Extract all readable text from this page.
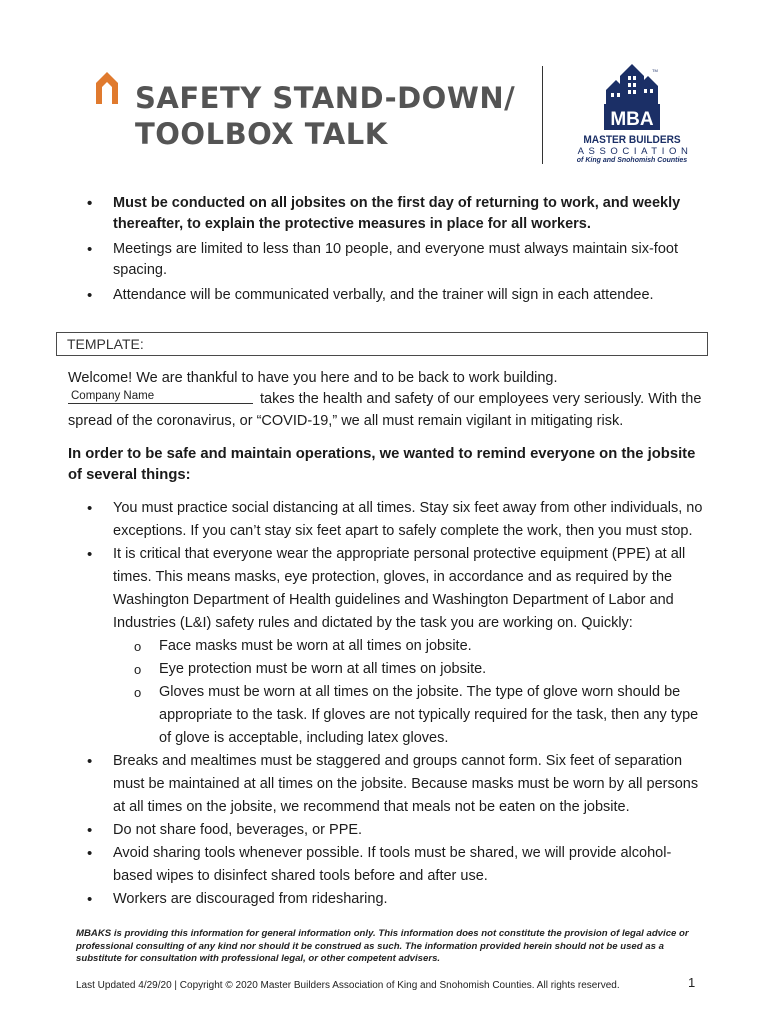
SAFETY STAND-DOWN/
TOOLBOX TALK	MBA
TM
MASTER BUILDERS
ASSOCIATION
of King and Snohomish Counties
• Must be conducted on all jobsites on the first day of returning to work, and weekly thereafter, to explain the protective measures in place for all workers.
• Meetings are limited to less than 10 people, and everyone must always maintain six-foot spacing.
• Attendance will be communicated verbally, and the trainer will sign in each attendee.
TEMPLATE:
Welcome! We are thankful to have you here and to be back to work building.
Company Name	takes the health and safety of our employees very seriously. With the
spread of the coronavirus, or “COVID-19,” we all must remain vigilant in mitigating risk.

In order to be safe and maintain operations, we wanted to remind everyone on the jobsite of several things:

• You must practice social distancing at all times. Stay six feet away from other individuals, no exceptions. If you can’t stay six feet apart to safely complete the work, then you must stop.
• It is critical that everyone wear the appropriate personal protective equipment (PPE) at all times. This means masks, eye protection, gloves, in accordance and as required by the Washington Department of Health guidelines and Washington Department of Labor and Industries (L&I) safety rules and dictated by the task you are working on. Quickly:
o Face masks must be worn at all times on jobsite.
o Eye protection must be worn at all times on jobsite.
o Gloves must be worn at all times on the jobsite. The type of glove worn should be appropriate to the task. If gloves are not typically required for the task, then any type of glove is acceptable, including latex gloves.
• Breaks and mealtimes must be staggered and groups cannot form. Six feet of separation must be maintained at all times on the jobsite. Because masks must be worn by all persons at all times on the jobsite, we recommend that meals not be eaten on the jobsite.
• Do not share food, beverages, or PPE.
• Avoid sharing tools whenever possible. If tools must be shared, we will provide alcohol-based wipes to disinfect shared tools before and after use.
• Workers are discouraged from ridesharing.

MBAKS is providing this information for general information only. This information does not constitute the provision of legal advice or professional consulting of any kind nor should it be construed as such. The information provided herein should not be used as a substitute for consultation with professional legal, or other competent advisers.

Last Updated 4/29/20 | Copyright © 2020 Master Builders Association of King and Snohomish Counties. All rights reserved.	1
